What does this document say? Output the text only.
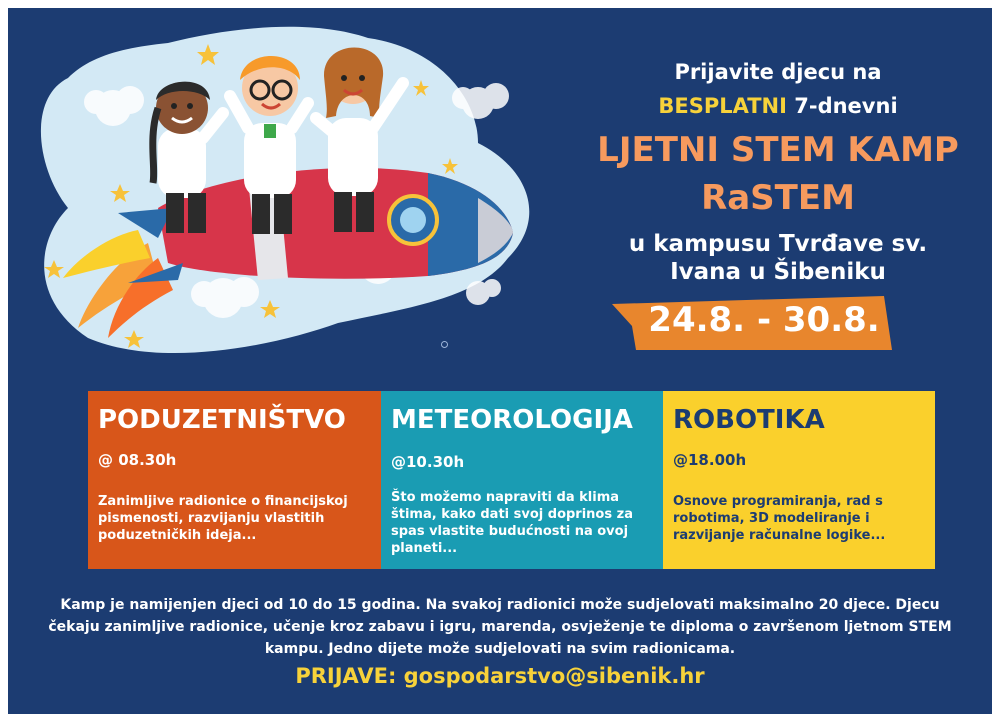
Prijavite djecu na
BESPLATNI 7-dnevni
LJETNI STEM KAMP
RaSTEM
u kampusu Tvrđave sv.
Ivana u Šibeniku
24.8. - 30.8.
PODUZETNIŠTVO
@ 08.30h
Zanimljive radionice o financijskoj pismenosti, razvijanju vlastitih poduzetničkih ideja...
METEOROLOGIJA
@10.30h
Što možemo napraviti da klima štima, kako dati svoj doprinos za spas vlastite budućnosti na ovoj planeti...
ROBOTIKA
@18.00h
Osnove programiranja, rad s robotima, 3D modeliranje i razvijanje računalne logike...
Kamp je namijenjen djeci od 10 do 15 godina. Na svakoj radionici može sudjelovati maksimalno 20 djece. Djecu čekaju zanimljive radionice, učenje kroz zabavu i igru, marenda, osvježenje te diploma o završenom ljetnom STEM kampu. Jedno dijete može sudjelovati na svim radionicama.
PRIJAVE: gospodarstvo@sibenik.hr
